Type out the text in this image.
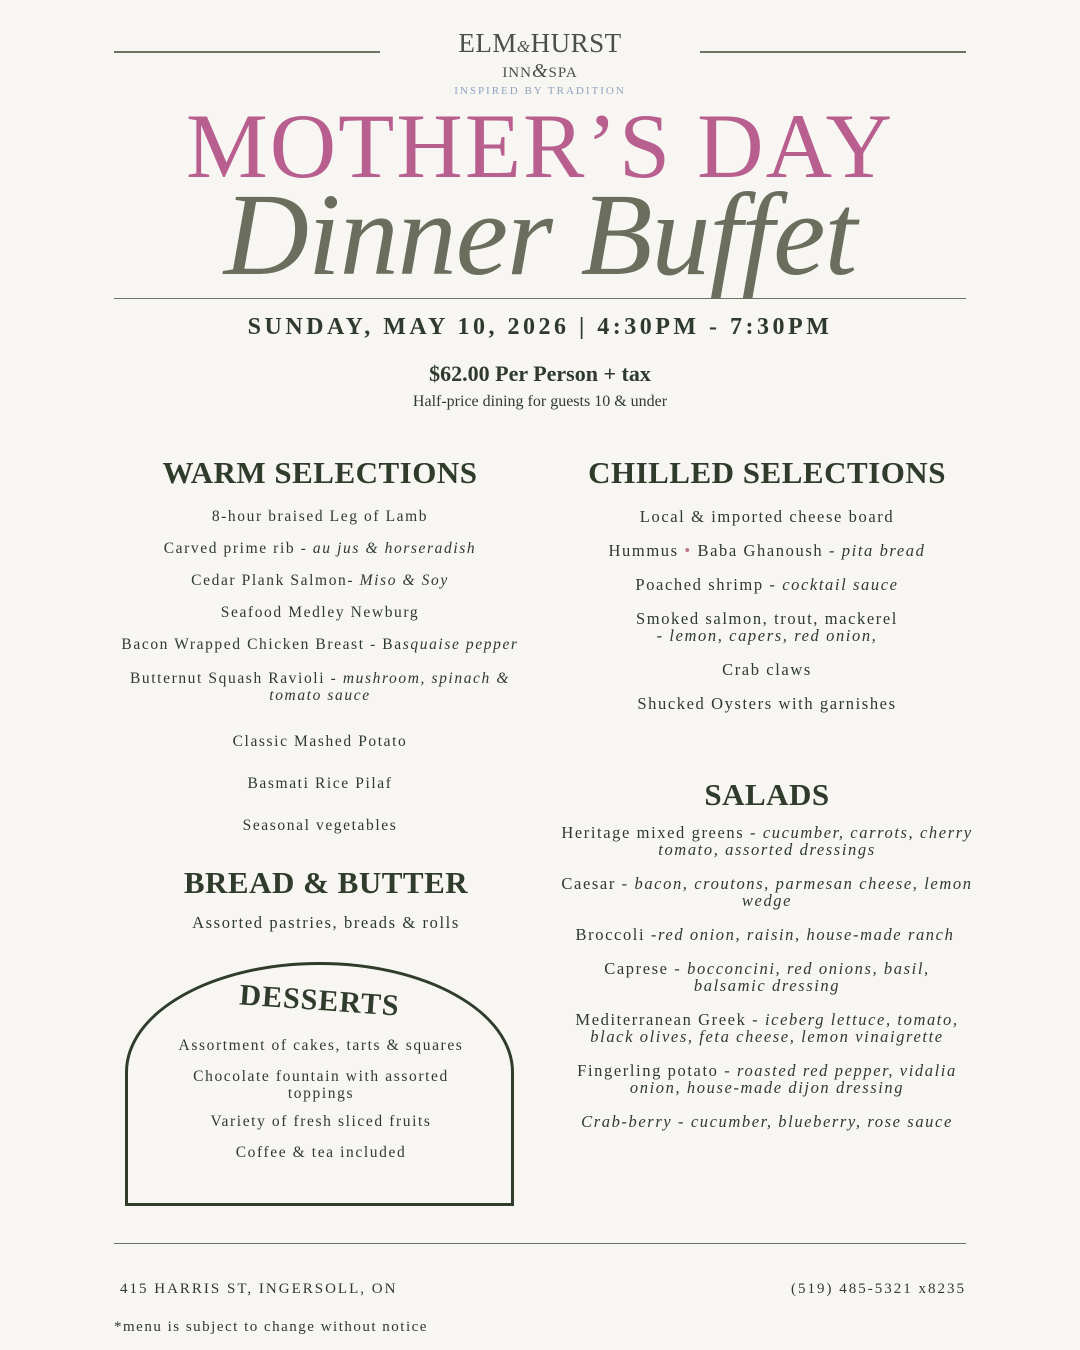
ELM&HURST
INN&SPA
INSPIRED BY TRADITION
MOTHER’S DAY
Dinner Buffet
SUNDAY, MAY 10, 2026 | 4:30PM - 7:30PM
$62.00 Per Person + tax
Half-price dining for guests 10 & under
WARM SELECTIONS
8-hour braised Leg of Lamb
Carved prime rib - au jus & horseradish
Cedar Plank Salmon- Miso & Soy
Seafood Medley Newburg
Bacon Wrapped Chicken Breast - Basquaise pepper
Butternut Squash Ravioli - mushroom, spinach & tomato sauce
Classic Mashed Potato
Basmati Rice Pilaf
Seasonal vegetables
BREAD & BUTTER
Assorted pastries, breads & rolls
DESSERTS
Assortment of cakes, tarts & squares
Chocolate fountain with assorted toppings
Variety of fresh sliced fruits
Coffee & tea included
CHILLED SELECTIONS
Local & imported cheese board
Hummus • Baba Ghanoush - pita bread
Poached shrimp - cocktail sauce
Smoked salmon, trout, mackerel
- lemon, capers, red onion,
Crab claws
Shucked Oysters with garnishes
SALADS
Heritage mixed greens - cucumber, carrots, cherry tomato, assorted dressings
Caesar - bacon, croutons, parmesan cheese, lemon wedge
Broccoli -red onion, raisin, house-made ranch
Caprese - bocconcini, red onions, basil, balsamic dressing
Mediterranean Greek - iceberg lettuce, tomato, black olives, feta cheese, lemon vinaigrette
Fingerling potato - roasted red pepper, vidalia onion, house-made dijon dressing
Crab-berry - cucumber, blueberry, rose sauce
415 HARRIS ST, INGERSOLL, ON	(519) 485-5321 x8235
*menu is subject to change without notice
